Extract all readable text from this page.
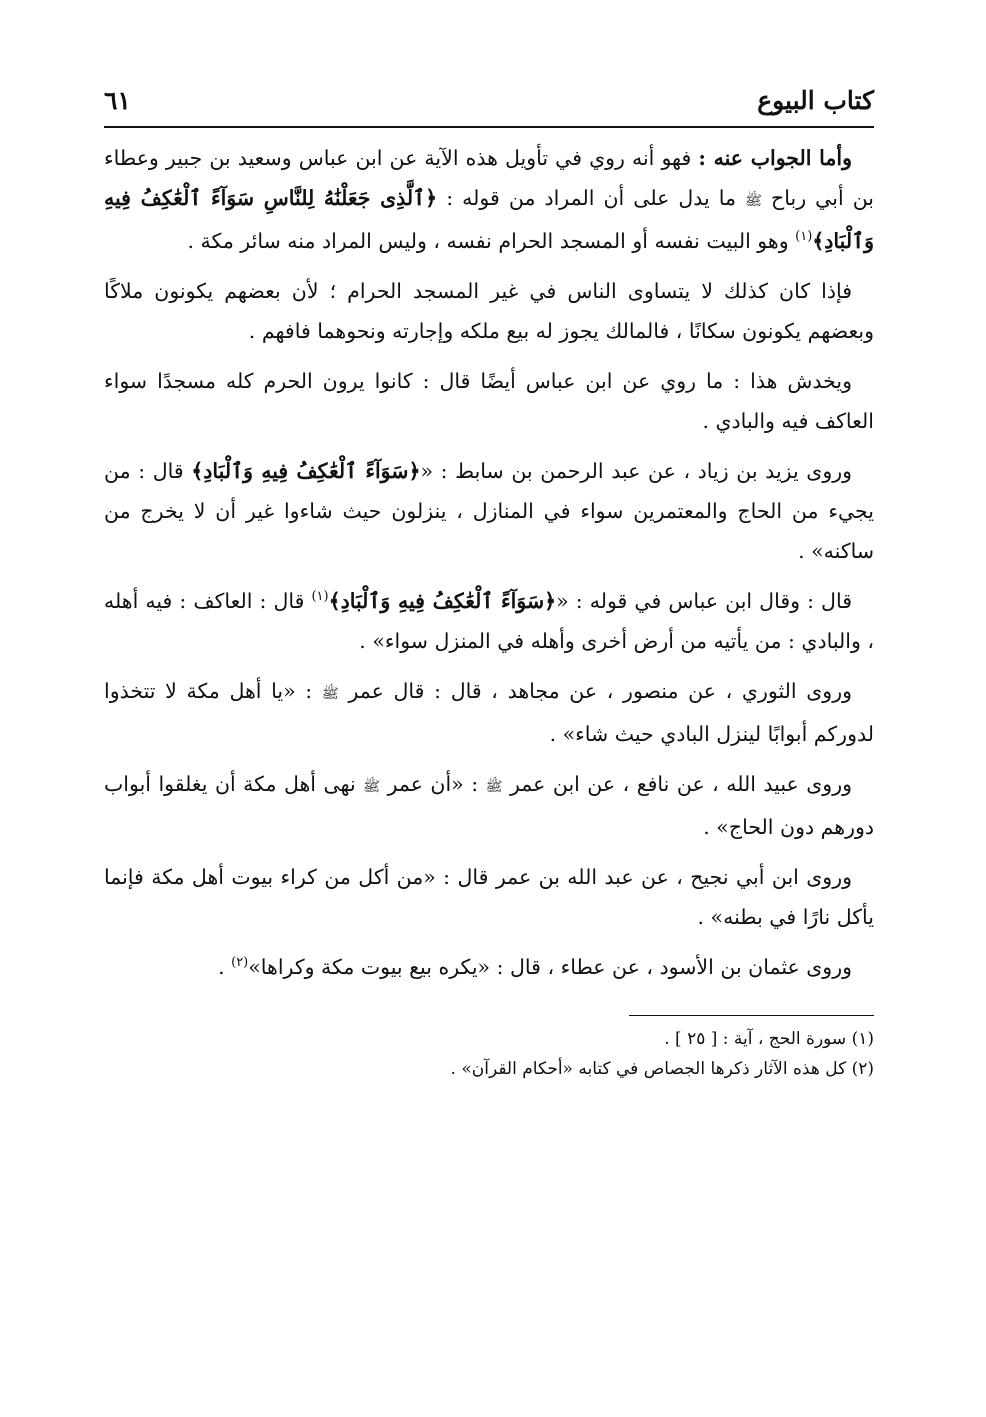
كتاب البيوع
٦١

وأما الجواب عنه : فهو أنه روي في تأويل هذه الآية عن ابن عباس وسعيد بن جبير وعطاء بن أبي رباح ﷺ ما يدل على أن المراد من قوله : ﴿ٱلَّذِى جَعَلْنَٰهُ لِلنَّاسِ سَوَآءً ٱلْعَٰكِفُ فِيهِ وَٱلْبَادِ﴾$^{(١)}$ وهو البيت نفسه أو المسجد الحرام نفسه ، وليس المراد منه سائر مكة .

فإذا كان كذلك لا يتساوى الناس في غير المسجد الحرام ؛ لأن بعضهم يكونون ملاكًا وبعضهم يكونون سكانًا ، فالمالك يجوز له بيع ملكه وإجارته ونحوهما فافهم .

ويخدش هذا : ما روي عن ابن عباس أيضًا قال : كانوا يرون الحرم كله مسجدًا سواء العاكف فيه والبادي .

وروى يزيد بن زياد ، عن عبد الرحمن بن سابط : «﴿سَوَآءً ٱلْعَٰكِفُ فِيهِ وَٱلْبَادِ﴾ قال : من يجيء من الحاج والمعتمرين سواء في المنازل ، ينزلون حيث شاءوا غير أن لا يخرج من ساكنه» .

قال : وقال ابن عباس في قوله : «﴿سَوَآءً ٱلْعَٰكِفُ فِيهِ وَٱلْبَادِ﴾$^{(١)}$ قال : العاكف : فيه أهله ، والبادي : من يأتيه من أرض أخرى وأهله في المنزل سواء» .

وروى الثوري ، عن منصور ، عن مجاهد ، قال : قال عمر ﷺ : «يا أهل مكة لا تتخذوا لدوركم أبوابًا لينزل البادي حيث شاء» .

وروى عبيد الله ، عن نافع ، عن ابن عمر ﷺ : «أن عمر ﷺ نهى أهل مكة أن يغلقوا أبواب دورهم دون الحاج» .

وروى ابن أبي نجيح ، عن عبد الله بن عمر قال : «من أكل من كراء بيوت أهل مكة فإنما يأكل نارًا في بطنه» .

وروى عثمان بن الأسود ، عن عطاء ، قال : «يكره بيع بيوت مكة وكراها»$^{(٢)}$ .

(١) سورة الحج ، آية : [ ٢٥ ] .

(٢) كل هذه الآثار ذكرها الجصاص في كتابه «أحكام القرآن» .
